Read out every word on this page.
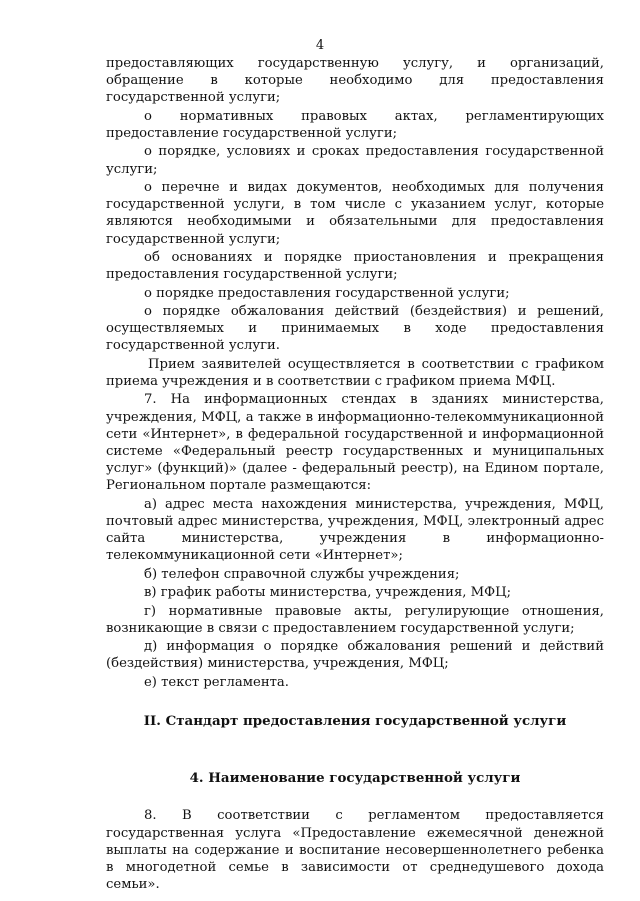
4

предоставляющих государственную услугу, и организаций, обращение в которые необходимо для предоставления государственной услуги;

о нормативных правовых актах, регламентирующих предоставление государственной услуги;

о порядке, условиях и сроках предоставления государственной услуги;

о перечне и видах документов, необходимых для получения государственной услуги, в том числе с указанием услуг, которые являются необходимыми и обязательными для предоставления государственной услуги;

об основаниях и порядке приостановления и прекращения предоставления государственной услуги;

о порядке предоставления государственной услуги;

о порядке обжалования действий (бездействия) и решений, осуществляемых и принимаемых в ходе предоставления государственной услуги.

Прием заявителей осуществляется в соответствии с графиком приема учреждения и в соответствии с графиком приема МФЦ.

7. На информационных стендах в зданиях министерства, учреждения, МФЦ, а также в информационно-телекоммуникационной сети «Интернет», в федеральной государственной и информационной системе «Федеральный реестр государственных и муниципальных услуг» (функций)» (далее - федеральный реестр), на Едином портале, Региональном портале размещаются:

а) адрес места нахождения министерства, учреждения, МФЦ, почтовый адрес министерства, учреждения, МФЦ, электронный адрес сайта министерства, учреждения в информационно-телекоммуникационной сети «Интернет»;

б) телефон справочной службы учреждения;

в) график работы министерства, учреждения, МФЦ;

г) нормативные правовые акты, регулирующие отношения, возникающие в связи с предоставлением государственной услуги;

д) информация о порядке обжалования решений и действий (бездействия) министерства, учреждения, МФЦ;

е) текст регламента.

II. Стандарт предоставления государственной услуги

4. Наименование государственной услуги

8. В соответствии с регламентом предоставляется государственная услуга «Предоставление ежемесячной денежной выплаты на содержание и воспитание несовершеннолетнего ребенка в многодетной семье в зависимости от среднедушевого дохода семьи».
